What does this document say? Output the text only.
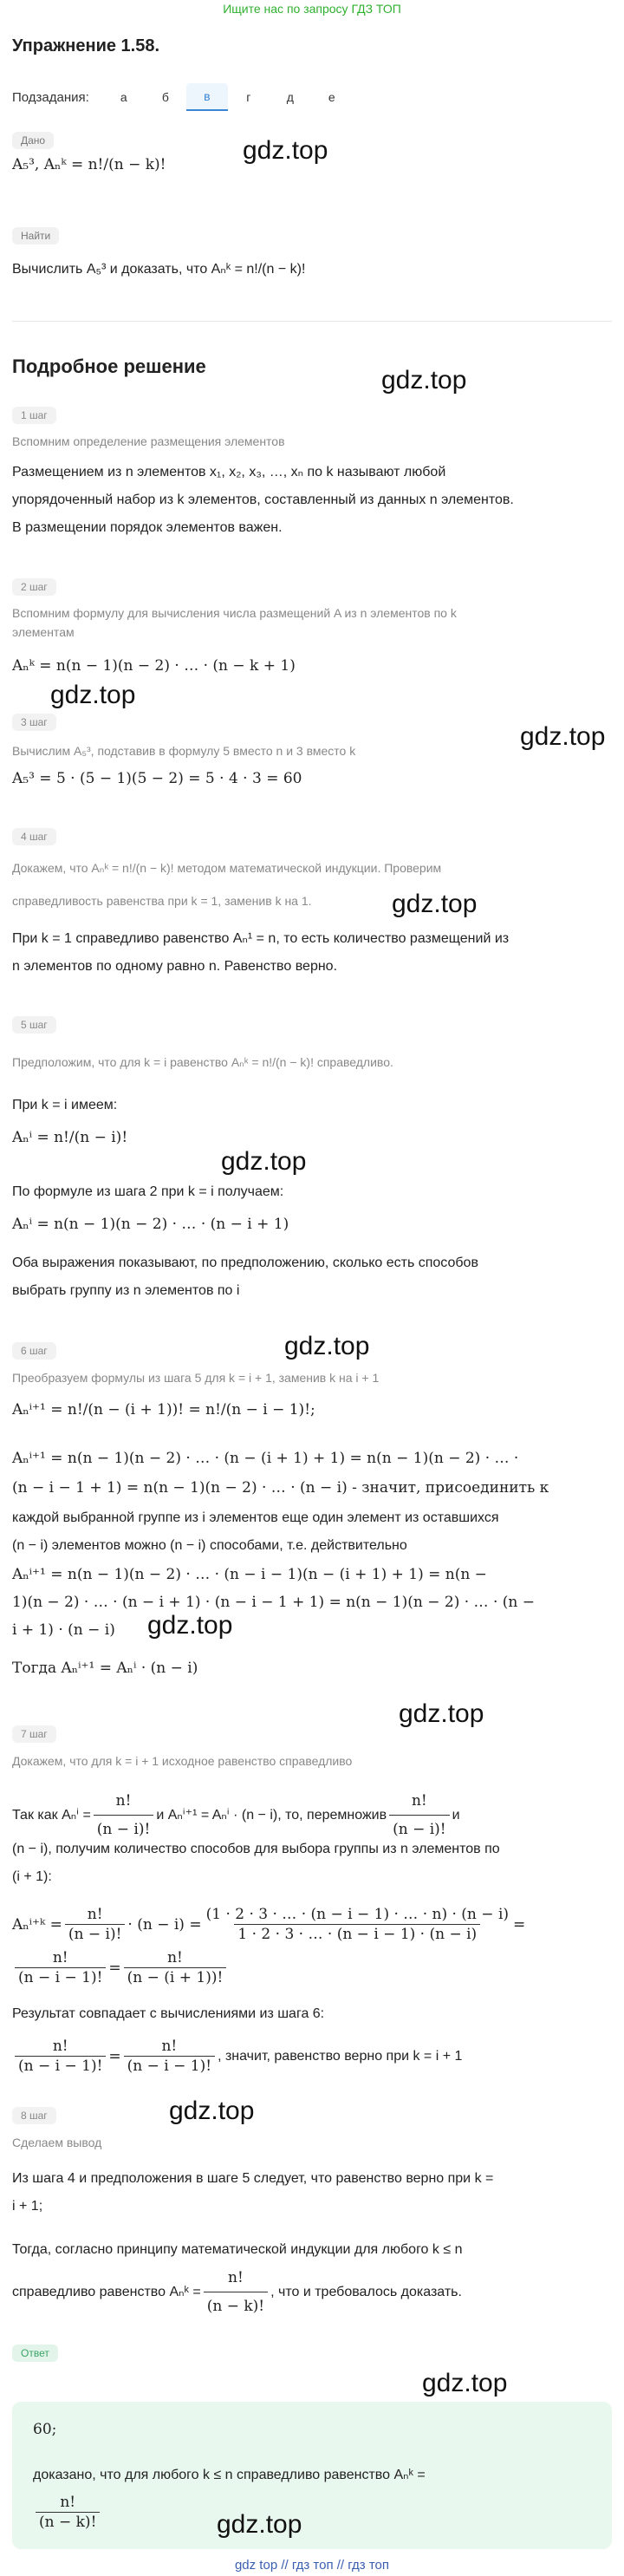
Ищите нас по запросу ГДЗ ТОП
Упражнение 1.58.
Подзадания:	а	б	в	г	д	е
Дано
A₅³, Aₙᵏ = n!/(n − k)!	gdz.top
Найти
Вычислить A₅³ и доказать, что Aₙᵏ = n!/(n − k)!
Подробное решение	gdz.top
1 шаг
Вспомним определение размещения элементов
Размещением из n элементов x₁, x₂, x₃, …, xₙ по k называют любой
упорядоченный набор из k элементов, составленный из данных n элементов.
В размещении порядок элементов важен.
2 шаг
Вспомним формулу для вычисления числа размещений A из n элементов по k
элементам
Aₙᵏ = n(n − 1)(n − 2) · … · (n − k + 1)
gdz.top
3 шаг	gdz.top
Вычислим A₅³, подставив в формулу 5 вместо n и 3 вместо k
A₅³ = 5 · (5 − 1)(5 − 2) = 5 · 4 · 3 = 60
4 шаг
Докажем, что Aₙᵏ = n!/(n − k)! методом математической индукции. Проверим
справедливость равенства при k = 1, заменив k на 1.	gdz.top
При k = 1 справедливо равенство Aₙ¹ = n, то есть количество размещений из
n элементов по одному равно n. Равенство верно.
5 шаг
Предположим, что для k = i равенство Aₙᵏ = n!/(n − k)! справедливо.
При k = i имеем:
Aₙⁱ = n!/(n − i)!
gdz.top
По формуле из шага 2 при k = i получаем:
Aₙⁱ = n(n − 1)(n − 2) · … · (n − i + 1)
Оба выражения показывают, по предположению, сколько есть способов
выбрать группу из n элементов по i
gdz.top
6 шаг
Преобразуем формулы из шага 5 для k = i + 1, заменив k на i + 1
Aₙⁱ⁺¹ = n!/(n − (i + 1))! = n!/(n − i − 1)!;
Aₙⁱ⁺¹ = n(n − 1)(n − 2) · … · (n − (i + 1) + 1) = n(n − 1)(n − 2) · … ·
(n − i − 1 + 1) = n(n − 1)(n − 2) · … · (n − i) - значит, присоединить к
каждой выбранной группе из i элементов еще один элемент из оставшихся
(n − i) элементов можно (n − i) способами, т.е. действительно
Aₙⁱ⁺¹ = n(n − 1)(n − 2) · … · (n − i − 1)(n − (i + 1) + 1) = n(n −
1)(n − 2) · … · (n − i + 1) · (n − i − 1 + 1) = n(n − 1)(n − 2) · … · (n −
i + 1) · (n − i) gdz.top
Тогда Aₙⁱ⁺¹ = Aₙⁱ · (n − i)
gdz.top
7 шаг
Докажем, что для k = i + 1 исходное равенство справедливо
Так как $A_n^i = \frac{n!}{(n - i)!}$ и Aₙⁱ⁺¹ = Aₙⁱ · (n − i), то, перемножив $\frac{n!}{(n - i)!}$ и
(n − i), получим количество способов для выбора группы из n элементов по
(i + 1):
Aₙⁱ⁺ᵏ = $\frac{n!}{(n - i)!} \cdot (n - i) = \frac{(1 \cdot 2 \cdot 3 \cdot \dots \cdot (n - i - 1) \cdot \dots \cdot n) \cdot (n - i)}{1 \cdot 2 \cdot 3 \cdot \dots \cdot (n - i - 1) \cdot (n - i)}$ =
$\frac{n!}{(n - i - 1)!} = \frac{n!}{(n - (i + 1))!}$
Результат совпадает с вычислениями из шага 6:
$\frac{n!}{(n - i - 1)!} = \frac{n!}{(n - i - 1)!}$ , значит, равенство верно при k = i + 1
gdz.top
8 шаг
Сделаем вывод
Из шага 4 и предположения в шаге 5 следует, что равенство верно при k =
i + 1;
Тогда, согласно принципу математической индукции для любого k ≤ n
справедливо равенство Aₙᵏ = $\frac{n!}{(n - k)!}$ , что и требовалось доказать.
Ответ
gdz.top
60;
доказано, что для любого k ≤ n справедливо равенство Aₙᵏ =
$\frac{n!}{(n - k)!}$	gdz.top
gdz top // гдз топ // гдз топ
